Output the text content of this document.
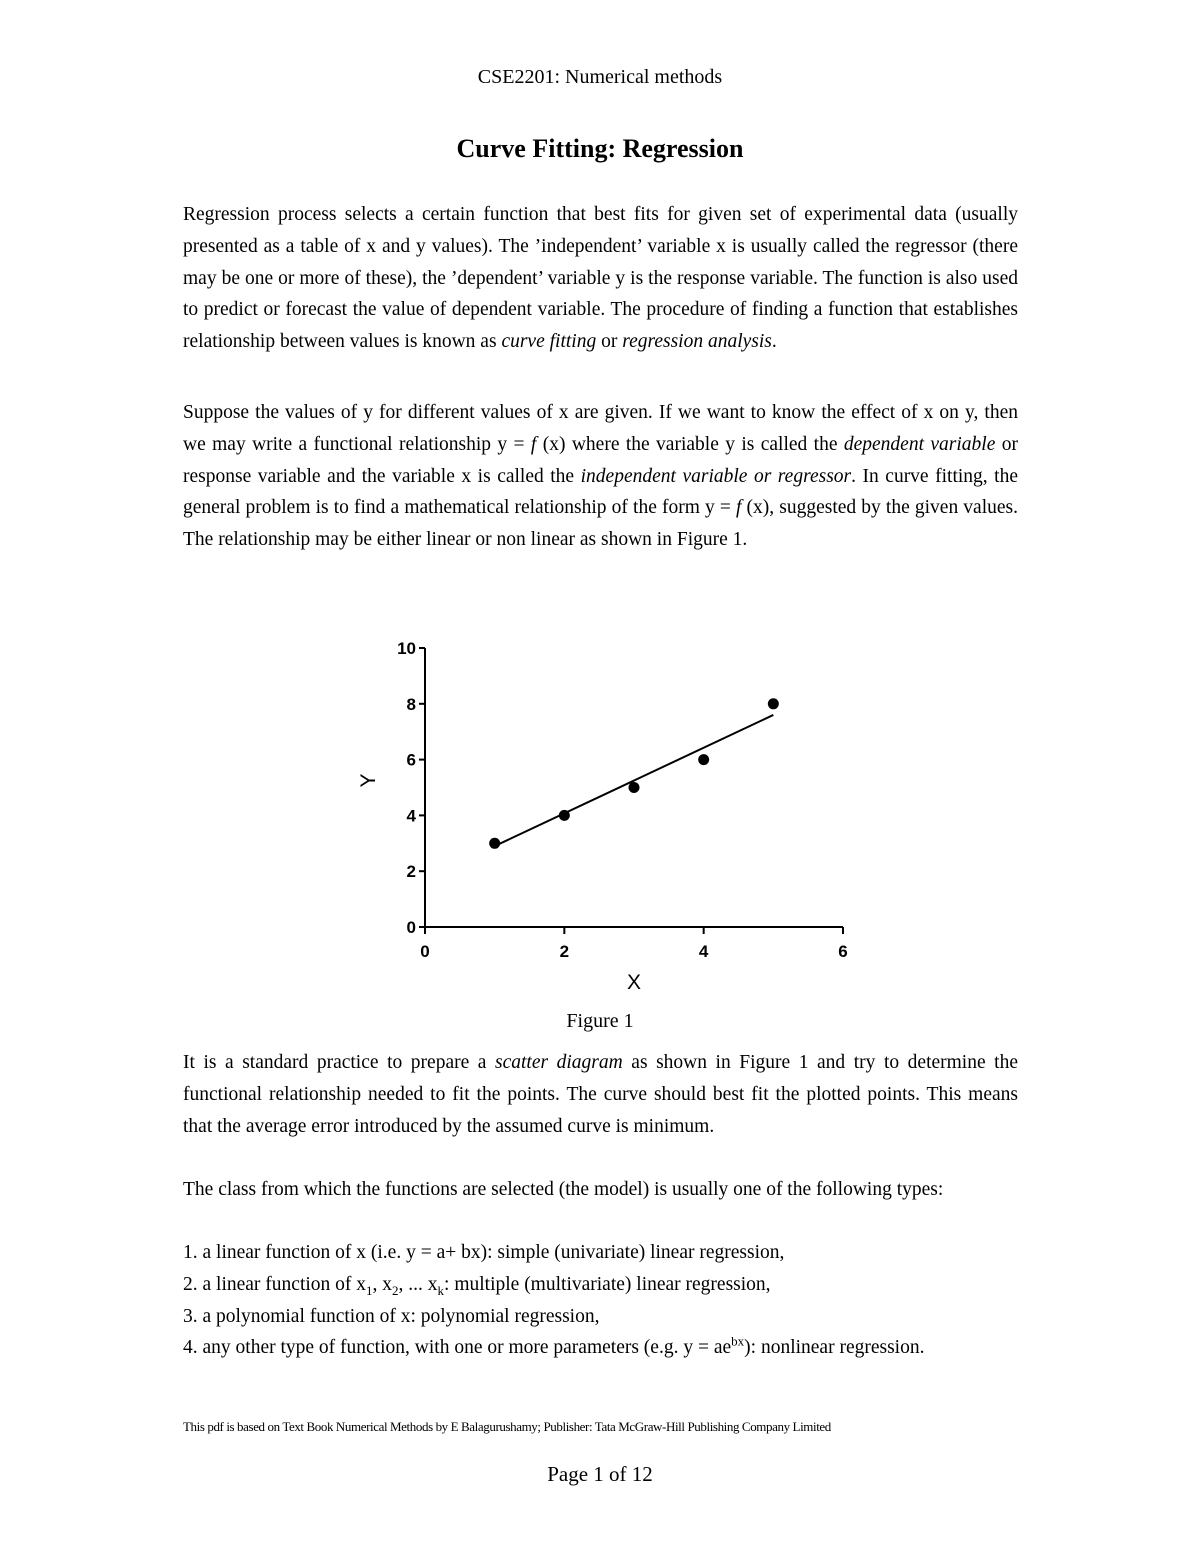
CSE2201: Numerical methods

Curve Fitting: Regression

Regression process selects a certain function that best fits for given set of experimental data (usually presented as a table of x and y values). The ’independent’ variable x is usually called the regressor (there may be one or more of these), the ’dependent’ variable y is the response variable. The function is also used to predict or forecast the value of dependent variable. The procedure of finding a function that establishes relationship between values is known as curve fitting or regression analysis.

Suppose the values of y for different values of x are given. If we want to know the effect of x on y, then we may write a functional relationship y = f (x) where the variable y is called the dependent variable or response variable and the variable x is called the independent variable or regressor. In curve fitting, the general problem is to find a mathematical relationship of the form y = f (x), suggested by the given values. The relationship may be either linear or non linear as shown in Figure 1.

0
2
4
6
8
10
0	2	4	6
X
Y

Figure 1

It is a standard practice to prepare a scatter diagram as shown in Figure 1 and try to determine the functional relationship needed to fit the points. The curve should best fit the plotted points. This means that the average error introduced by the assumed curve is minimum.

The class from which the functions are selected (the model) is usually one of the following types:

1. a linear function of x (i.e. y = a+ bx): simple (univariate) linear regression,
2. a linear function of $x_1$, $x_2$, ... $x_k$: multiple (multivariate) linear regression,
3. a polynomial function of x: polynomial regression,
4. any other type of function, with one or more parameters (e.g. $y = ae^{bx}$): nonlinear regression.

This pdf is based on Text Book Numerical Methods by E Balagurushamy; Publisher: Tata McGraw-Hill Publishing Company Limited

Page 1 of 12
